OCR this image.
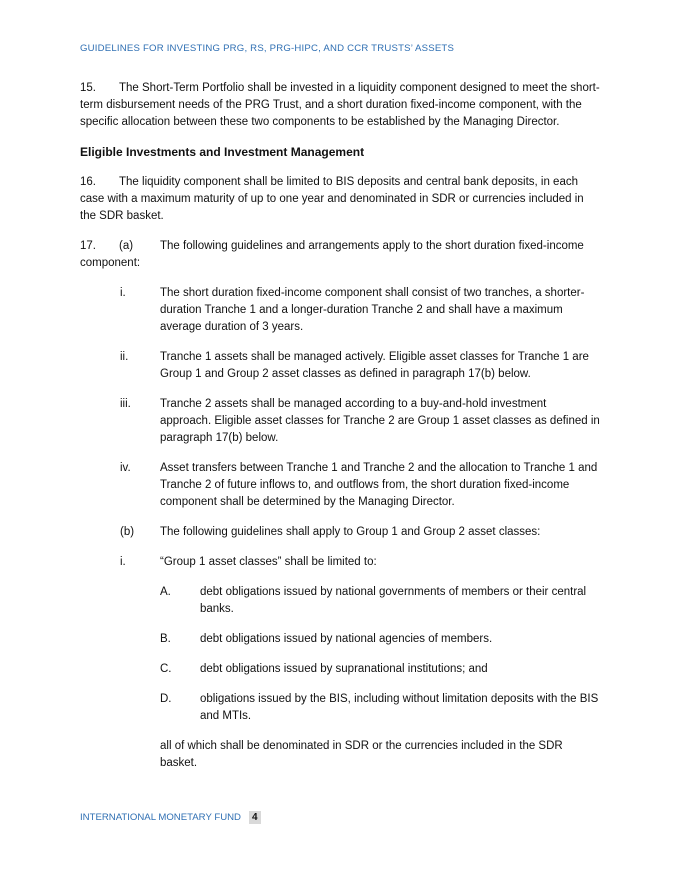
GUIDELINES FOR INVESTING PRG, RS, PRG-HIPC, AND CCR TRUSTS’ ASSETS

15. The Short-Term Portfolio shall be invested in a liquidity component designed to meet the short-term disbursement needs of the PRG Trust, and a short duration fixed-income component, with the specific allocation between these two components to be established by the Managing Director.

Eligible Investments and Investment Management

16. The liquidity component shall be limited to BIS deposits and central bank deposits, in each case with a maximum maturity of up to one year and denominated in SDR or currencies included in the SDR basket.

17. (a) The following guidelines and arrangements apply to the short duration fixed-income component:

i.	The short duration fixed-income component shall consist of two tranches, a shorter-duration Tranche 1 and a longer-duration Tranche 2 and shall have a maximum average duration of 3 years.
ii.	Tranche 1 assets shall be managed actively. Eligible asset classes for Tranche 1 are Group 1 and Group 2 asset classes as defined in paragraph 17(b) below.
iii.	Tranche 2 assets shall be managed according to a buy-and-hold investment approach. Eligible asset classes for Tranche 2 are Group 1 asset classes as defined in paragraph 17(b) below.
iv.	Asset transfers between Tranche 1 and Tranche 2 and the allocation to Tranche 1 and Tranche 2 of future inflows to, and outflows from, the short duration fixed-income component shall be determined by the Managing Director.
(b)	The following guidelines shall apply to Group 1 and Group 2 asset classes:
i.	“Group 1 asset classes” shall be limited to:
A.	debt obligations issued by national governments of members or their central banks.
B.	debt obligations issued by national agencies of members.
C.	debt obligations issued by supranational institutions; and
D.	obligations issued by the BIS, including without limitation deposits with the BIS and MTIs.

all of which shall be denominated in SDR or the currencies included in the SDR basket.

INTERNATIONAL MONETARY FUND	4
